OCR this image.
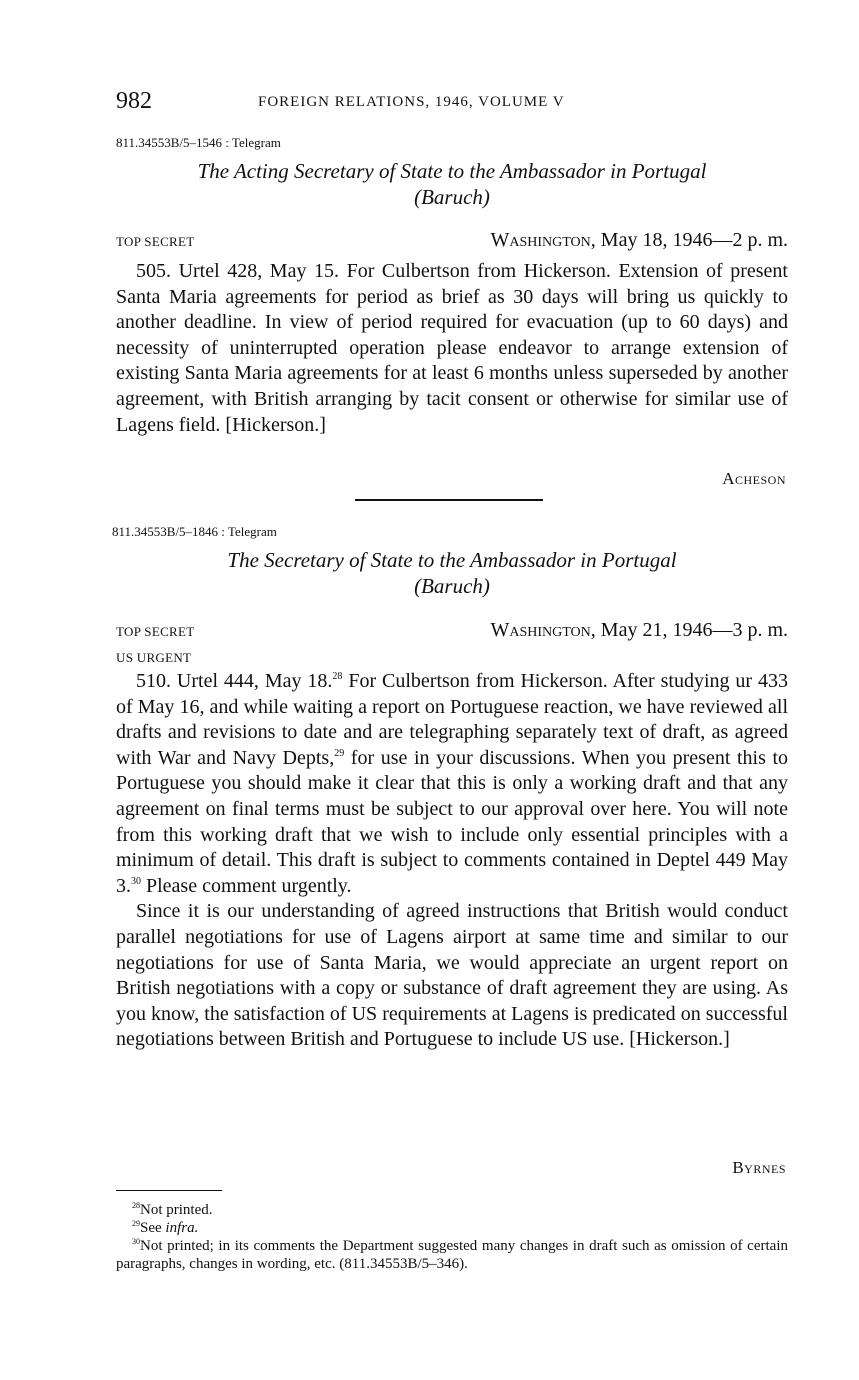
982	FOREIGN RELATIONS, 1946, VOLUME V
811.34553B/5–1546 : Telegram
The Acting Secretary of State to the Ambassador in Portugal
(Baruch)
TOP SECRET	Washington, May 18, 1946—2 p. m.

505. Urtel 428, May 15. For Culbertson from Hickerson. Extension of present Santa Maria agreements for period as brief as 30 days will bring us quickly to another deadline. In view of period required for evacuation (up to 60 days) and necessity of uninterrupted operation please endeavor to arrange extension of existing Santa Maria agreements for at least 6 months unless superseded by another agreement, with British arranging by tacit consent or otherwise for similar use of Lagens field. [Hickerson.]

Acheson
811.34553B/5–1846 : Telegram
The Secretary of State to the Ambassador in Portugal
(Baruch)
TOP SECRET	Washington, May 21, 1946—3 p. m.
US URGENT

510. Urtel 444, May 18.28 For Culbertson from Hickerson. After studying ur 433 of May 16, and while waiting a report on Portuguese reaction, we have reviewed all drafts and revisions to date and are telegraphing separately text of draft, as agreed with War and Navy Depts,$^{29}$ for use in your discussions. When you present this to Portuguese you should make it clear that this is only a working draft and that any agreement on final terms must be subject to our approval over here. You will note from this working draft that we wish to include only essential principles with a minimum of detail. This draft is subject to comments contained in Deptel 449 May 3.30 Please comment urgently.

Since it is our understanding of agreed instructions that British would conduct parallel negotiations for use of Lagens airport at same time and similar to our negotiations for use of Santa Maria, we would appreciate an urgent report on British negotiations with a copy or substance of draft agreement they are using. As you know, the satisfaction of US requirements at Lagens is predicated on successful negotiations between British and Portuguese to include US use. [Hickerson.]

Byrnes

$^{28}$Not printed.

$^{29}$See infra.

$^{30}$Not printed; in its comments the Department suggested many changes in draft such as omission of certain paragraphs, changes in wording, etc. (811.34553B/5–346).
